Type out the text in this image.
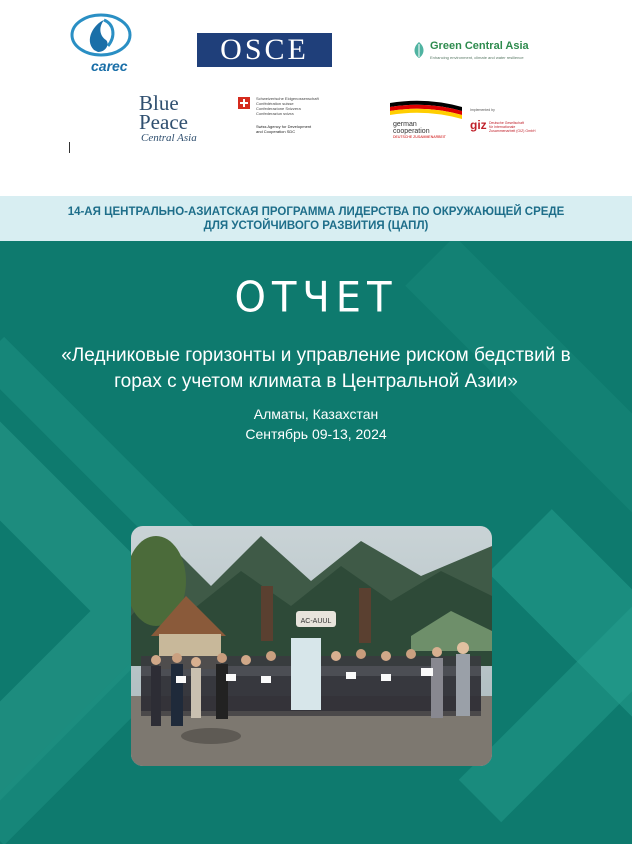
carec	OSCE	Green Central Asia
Enhancing environment, climate and water resilience
Blue
Peace
Central Asia
Schweizerische Eidgenossenschaft
Confédération suisse
Confederazione Svizzera
Confederaziun svizra
Swiss Agency for Development
and Cooperation SDC
german
cooperation
DEUTSCHE ZUSAMMENARBEIT
Implemented by
giz Deutsche Gesellschaft
für Internationale
Zusammenarbeit (GIZ) GmbH
14-АЯ ЦЕНТРАЛЬНО-АЗИАТСКАЯ ПРОГРАММА ЛИДЕРСТВА ПО ОКРУЖАЮЩЕЙ СРЕДЕ ДЛЯ УСТОЙЧИВОГО РАЗВИТИЯ (ЦАПЛ)
ОТЧЕТ
«Ледниковые горизонты и управление риском бедствий в горах с учетом климата в Центральной Азии»
Алматы, Казахстан
Сентябрь 09-13, 2024
AC-AUUL
